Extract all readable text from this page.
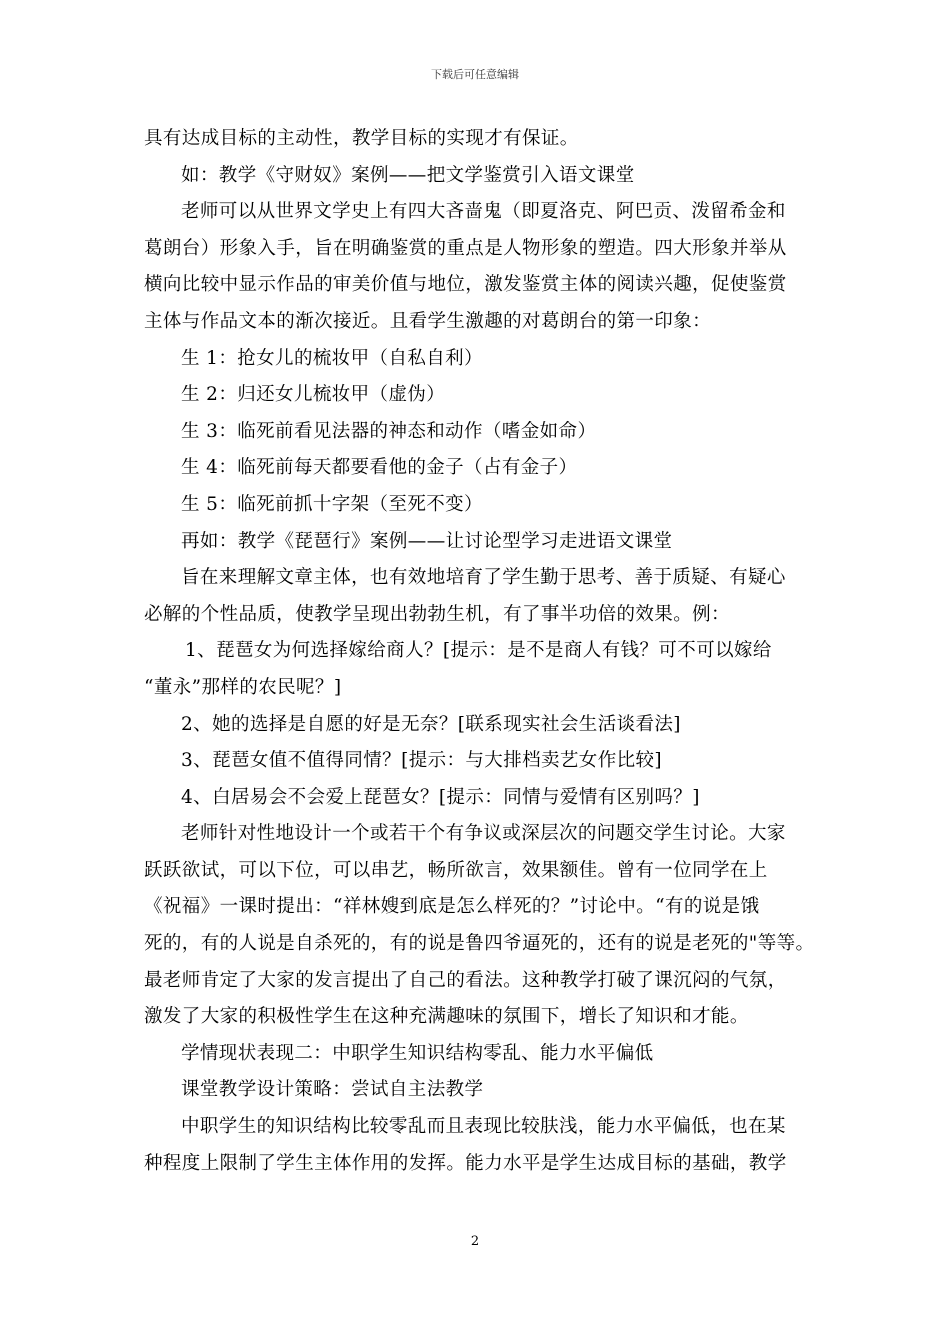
下载后可任意编辑
具有达成目标的主动性，教学目标的实现才有保证。
如：教学《守财奴》案例——把文学鉴赏引入语文课堂
老师可以从世界文学史上有四大吝啬鬼（即夏洛克、阿巴贡、泼留希金和
葛朗台）形象入手，旨在明确鉴赏的重点是人物形象的塑造。四大形象并举从
横向比较中显示作品的审美价值与地位，激发鉴赏主体的阅读兴趣，促使鉴赏
主体与作品文本的渐次接近。且看学生激趣的对葛朗台的第一印象：
生 1：抢女儿的梳妆甲（自私自利）
生 2：归还女儿梳妆甲（虚伪）
生 3：临死前看见法器的神态和动作（嗜金如命）
生 4：临死前每天都要看他的金子（占有金子）
生 5：临死前抓十字架（至死不变）
再如：教学《琵琶行》案例——让讨论型学习走进语文课堂
旨在来理解文章主体，也有效地培育了学生勤于思考、善于质疑、有疑心
必解的个性品质，使教学呈现出勃勃生机，有了事半功倍的效果。例：
1、琵琶女为何选择嫁给商人？[提示：是不是商人有钱？可不可以嫁给
“董永”那样的农民呢？]
2、她的选择是自愿的好是无奈？[联系现实社会生活谈看法]
3、琵琶女值不值得同情？[提示：与大排档卖艺女作比较]
4、白居易会不会爱上琵琶女？[提示：同情与爱情有区别吗？]
老师针对性地设计一个或若干个有争议或深层次的问题交学生讨论。大家
跃跃欲试，可以下位，可以串艺，畅所欲言，效果额佳。曾有一位同学在上
《祝福》一课时提出：“祥林嫂到底是怎么样死的？”讨论中。“有的说是饿
死的，有的人说是自杀死的，有的说是鲁四爷逼死的，还有的说是老死的"等等。
最老师肯定了大家的发言提出了自己的看法。这种教学打破了课沉闷的气氛，
激发了大家的积极性学生在这种充满趣味的氛围下，增长了知识和才能。
学情现状表现二：中职学生知识结构零乱、能力水平偏低
课堂教学设计策略：尝试自主法教学
中职学生的知识结构比较零乱而且表现比较肤浅，能力水平偏低，也在某
种程度上限制了学生主体作用的发挥。能力水平是学生达成目标的基础，教学
2
